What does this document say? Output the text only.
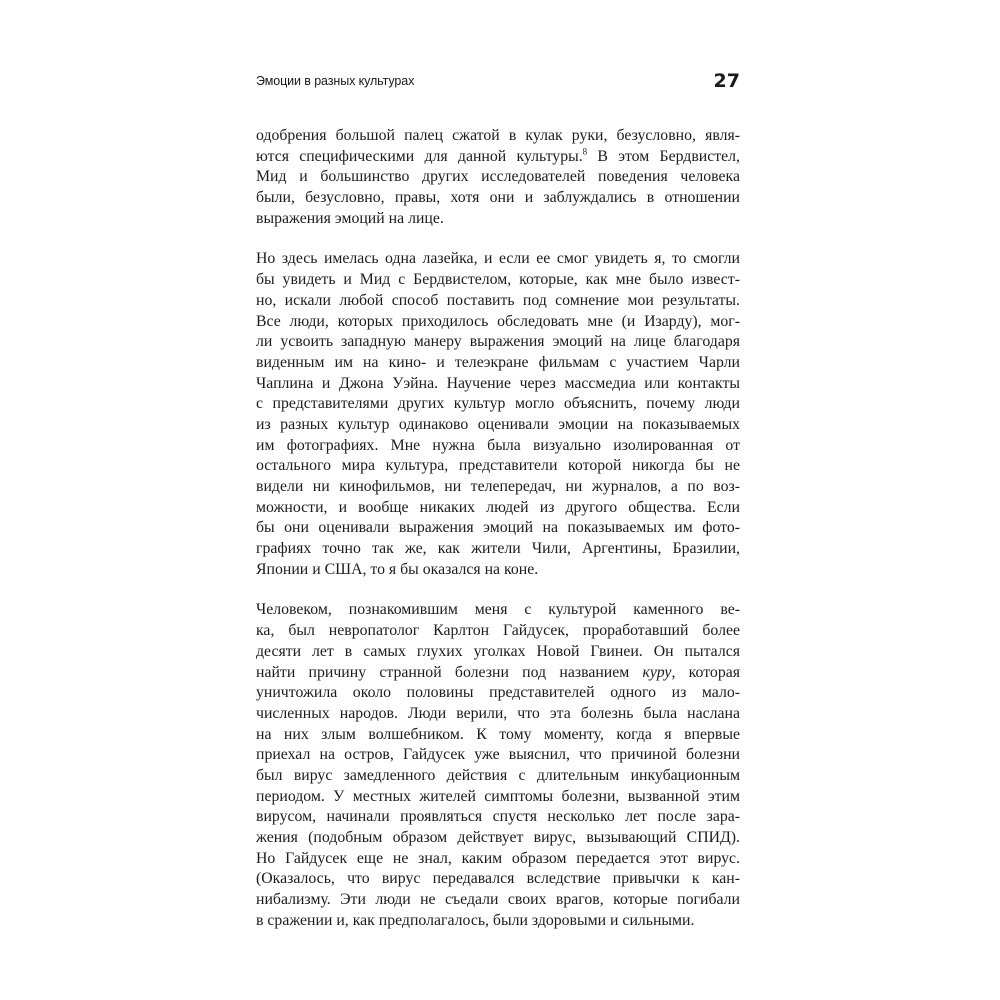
Эмоции в разных культурах	27
одобрения большой палец сжатой в кулак руки, безусловно, явля-
ются специфическими для данной культуры.$^8$ В этом Бердвистел,
Мид и большинство других исследователей поведения человека
были, безусловно, правы, хотя они и заблуждались в отношении
выражения эмоций на лице.
Но здесь имелась одна лазейка, и если ее смог увидеть я, то смогли
бы увидеть и Мид с Бердвистелом, которые, как мне было извест-
но, искали любой способ поставить под сомнение мои результаты.
Все люди, которых приходилось обследовать мне (и Изарду), мог-
ли усвоить западную манеру выражения эмоций на лице благодаря
виденным им на кино- и телеэкране фильмам с участием Чарли
Чаплина и Джона Уэйна. Научение через массмедиа или контакты
с представителями других культур могло объяснить, почему люди
из разных культур одинаково оценивали эмоции на показываемых
им фотографиях. Мне нужна была визуально изолированная от
остального мира культура, представители которой никогда бы не
видели ни кинофильмов, ни телепередач, ни журналов, а по воз-
можности, и вообще никаких людей из другого общества. Если
бы они оценивали выражения эмоций на показываемых им фото-
графиях точно так же, как жители Чили, Аргентины, Бразилии,
Японии и США, то я бы оказался на коне.
Человеком, познакомившим меня с культурой каменного ве-
ка, был невропатолог Карлтон Гайдусек, проработавший более
десяти лет в самых глухих уголках Новой Гвинеи. Он пытался
найти причину странной болезни под названием куру, которая
уничтожила около половины представителей одного из мало-
численных народов. Люди верили, что эта болезнь была наслана
на них злым волшебником. К тому моменту, когда я впервые
приехал на остров, Гайдусек уже выяснил, что причиной болезни
был вирус замедленного действия с длительным инкубационным
периодом. У местных жителей симптомы болезни, вызванной этим
вирусом, начинали проявляться спустя несколько лет после зара-
жения (подобным образом действует вирус, вызывающий СПИД).
Но Гайдусек еще не знал, каким образом передается этот вирус.
(Оказалось, что вирус передавался вследствие привычки к кан-
нибализму. Эти люди не съедали своих врагов, которые погибали
в сражении и, как предполагалось, были здоровыми и сильными.
